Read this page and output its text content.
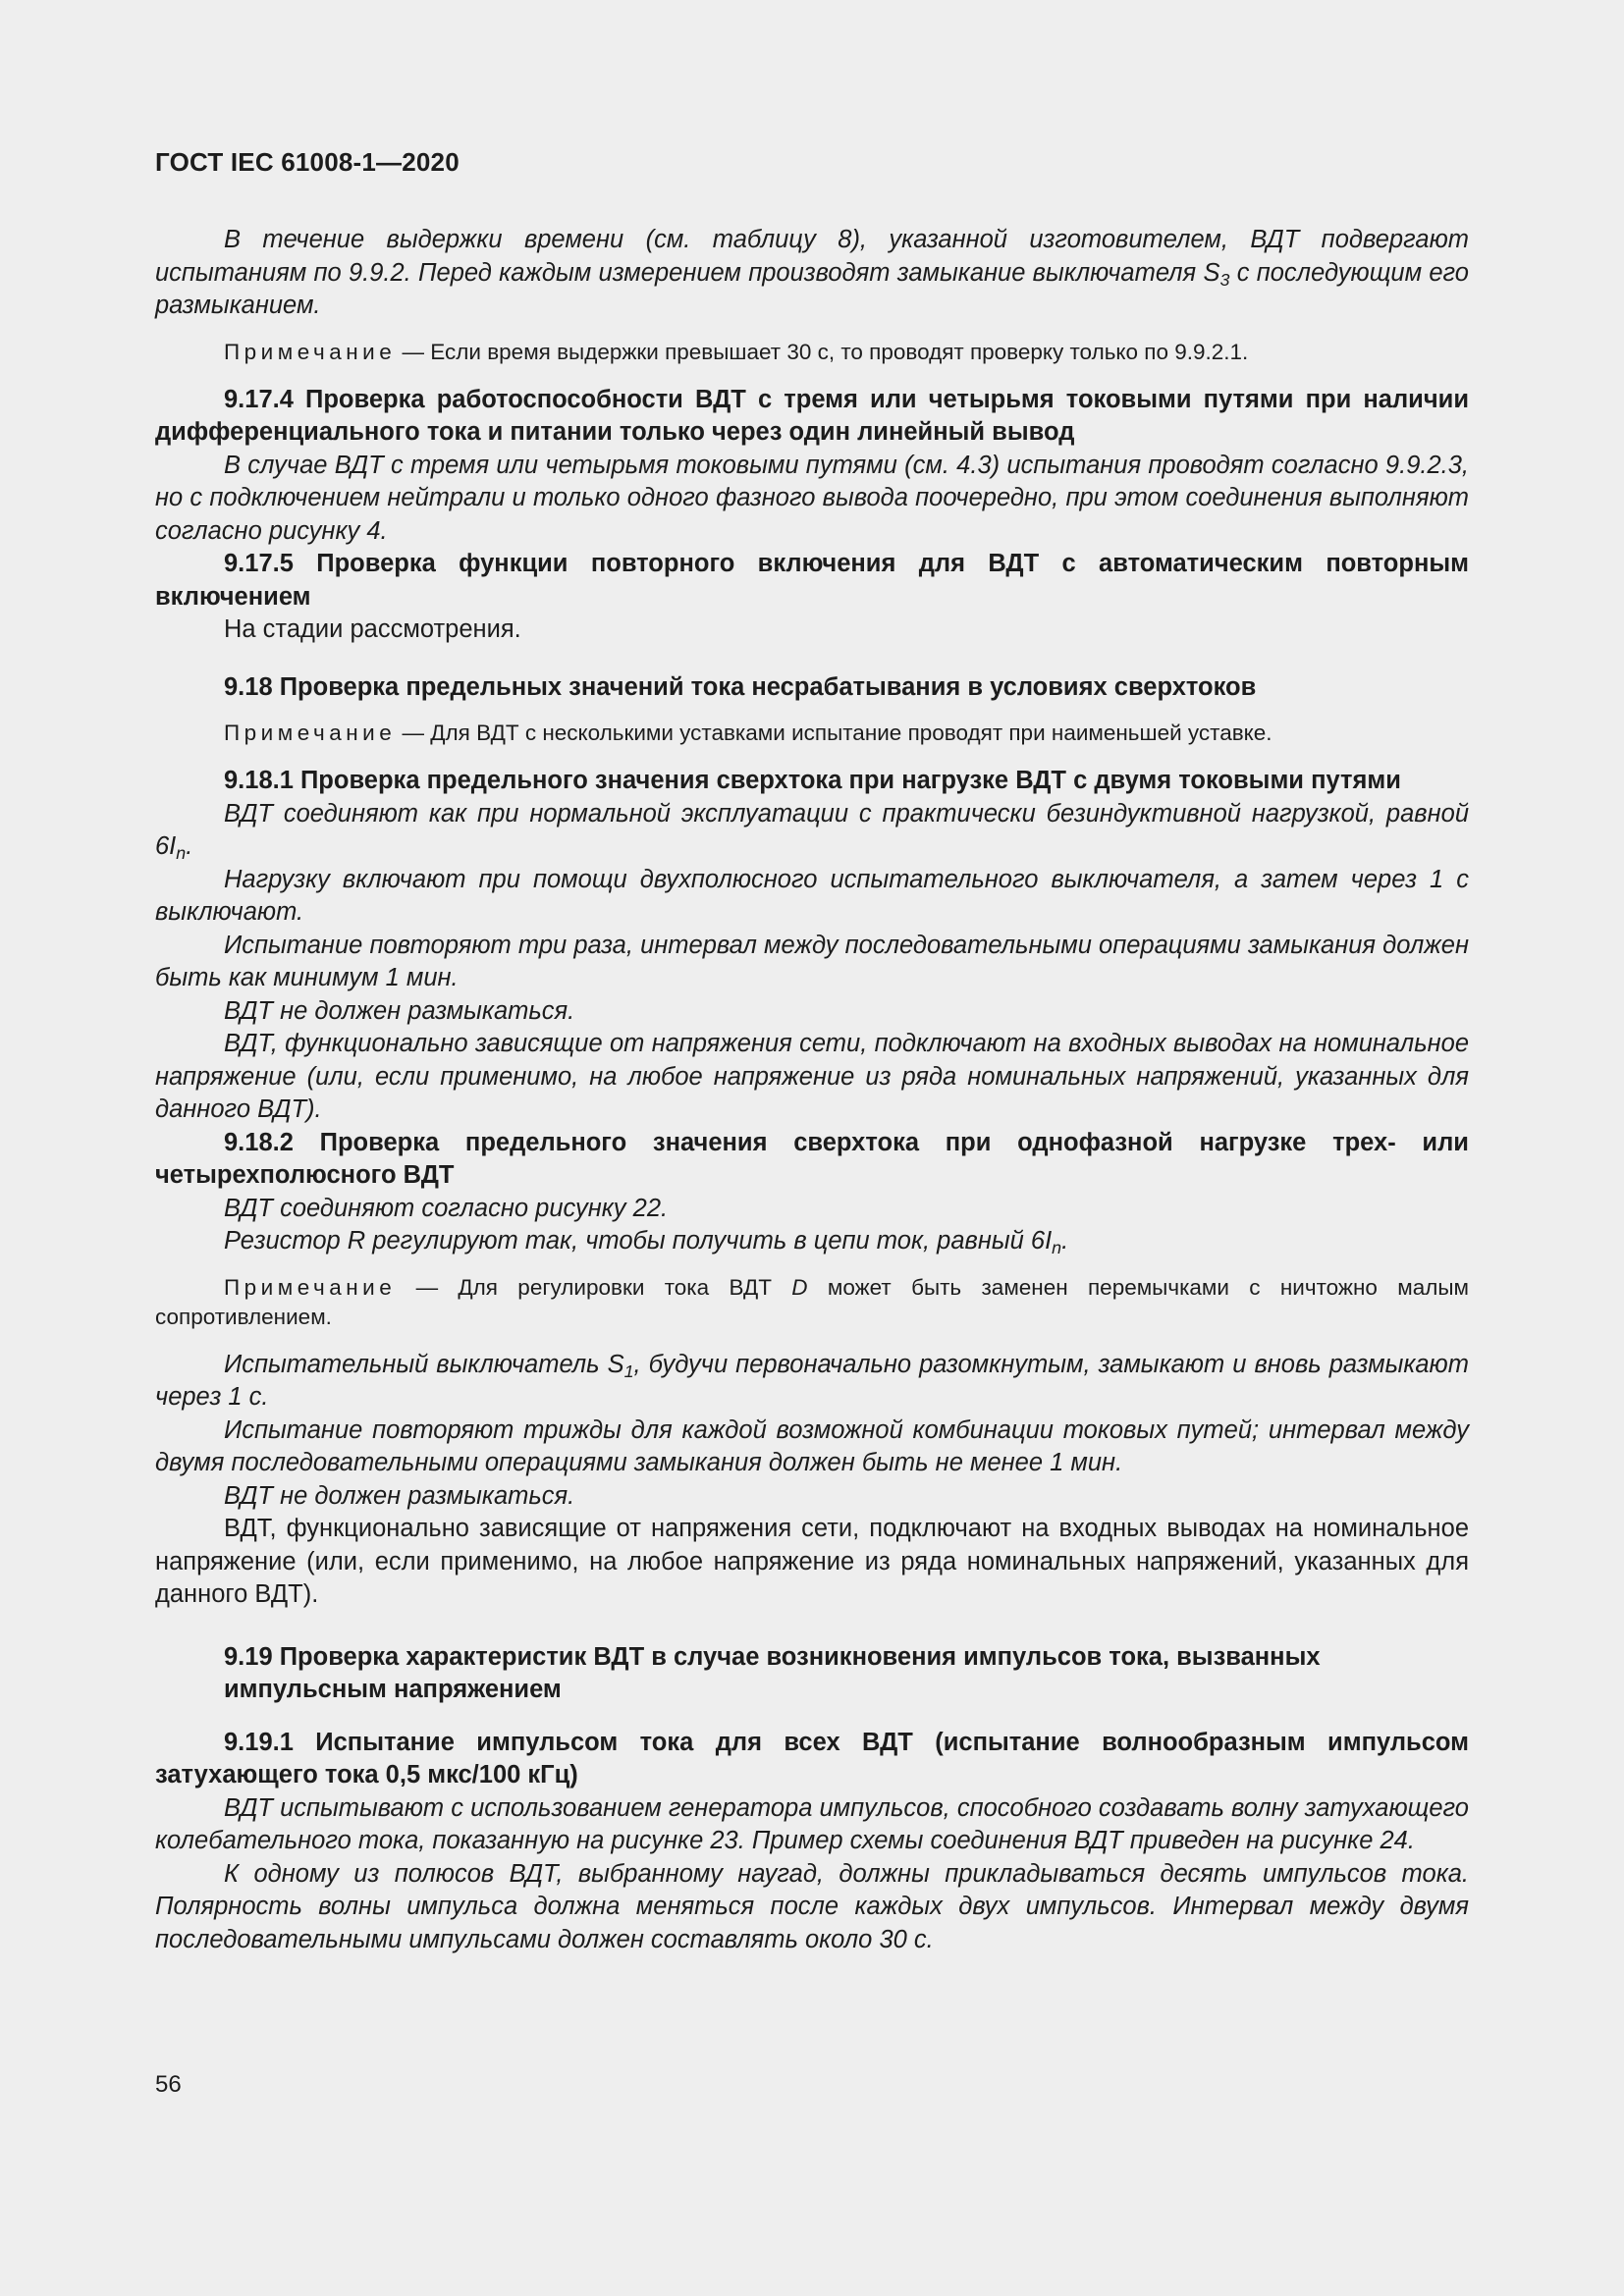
ГОСТ IEC 61008-1—2020

В течение выдержки времени (см. таблицу 8), указанной изготовителем, ВДТ подвергают испытаниям по 9.9.2. Перед каждым измерением производят замыкание выключателя $S_3$ с последующим его размыканием.

Примечание — Если время выдержки превышает 30 с, то проводят проверку только по 9.9.2.1.

9.17.4 Проверка работоспособности ВДТ с тремя или четырьмя токовыми путями при наличии дифференциального тока и питании только через один линейный вывод

В случае ВДТ с тремя или четырьмя токовыми путями (см. 4.3) испытания проводят согласно 9.9.2.3, но с подключением нейтрали и только одного фазного вывода поочередно, при этом соединения выполняют согласно рисунку 4.

9.17.5 Проверка функции повторного включения для ВДТ с автоматическим повторным включением

На стадии рассмотрения.

9.18 Проверка предельных значений тока несрабатывания в условиях сверхтоков

Примечание — Для ВДТ с несколькими уставками испытание проводят при наименьшей уставке.

9.18.1 Проверка предельного значения сверхтока при нагрузке ВДТ с двумя токовыми путями

ВДТ соединяют как при нормальной эксплуатации с практически безиндуктивной нагрузкой, равной $6I_n$.

Нагрузку включают при помощи двухполюсного испытательного выключателя, а затем через 1 с выключают.

Испытание повторяют три раза, интервал между последовательными операциями замыкания должен быть как минимум 1 мин.

ВДТ не должен размыкаться.

ВДТ, функционально зависящие от напряжения сети, подключают на входных выводах на номинальное напряжение (или, если применимо, на любое напряжение из ряда номинальных напряжений, указанных для данного ВДТ).

9.18.2 Проверка предельного значения сверхтока при однофазной нагрузке трех- или четырехполюсного ВДТ

ВДТ соединяют согласно рисунку 22.

Резистор R регулируют так, чтобы получить в цепи ток, равный $6I_n$.

Примечание — Для регулировки тока ВДТ D может быть заменен перемычками с ничтожно малым сопротивлением.

Испытательный выключатель $S_1$, будучи первоначально разомкнутым, замыкают и вновь размыкают через 1 с.

Испытание повторяют трижды для каждой возможной комбинации токовых путей; интервал между двумя последовательными операциями замыкания должен быть не менее 1 мин.

ВДТ не должен размыкаться.

ВДТ, функционально зависящие от напряжения сети, подключают на входных выводах на номинальное напряжение (или, если применимо, на любое напряжение из ряда номинальных напряжений, указанных для данного ВДТ).

9.19 Проверка характеристик ВДТ в случае возникновения импульсов тока, вызванных импульсным напряжением

9.19.1 Испытание импульсом тока для всех ВДТ (испытание волнообразным импульсом затухающего тока 0,5 мкс/100 кГц)

ВДТ испытывают с использованием генератора импульсов, способного создавать волну затухающего колебательного тока, показанную на рисунке 23. Пример схемы соединения ВДТ приведен на рисунке 24.

К одному из полюсов ВДТ, выбранному наугад, должны прикладываться десять импульсов тока. Полярность волны импульса должна меняться после каждых двух импульсов. Интервал между двумя последовательными импульсами должен составлять около 30 с.

56
